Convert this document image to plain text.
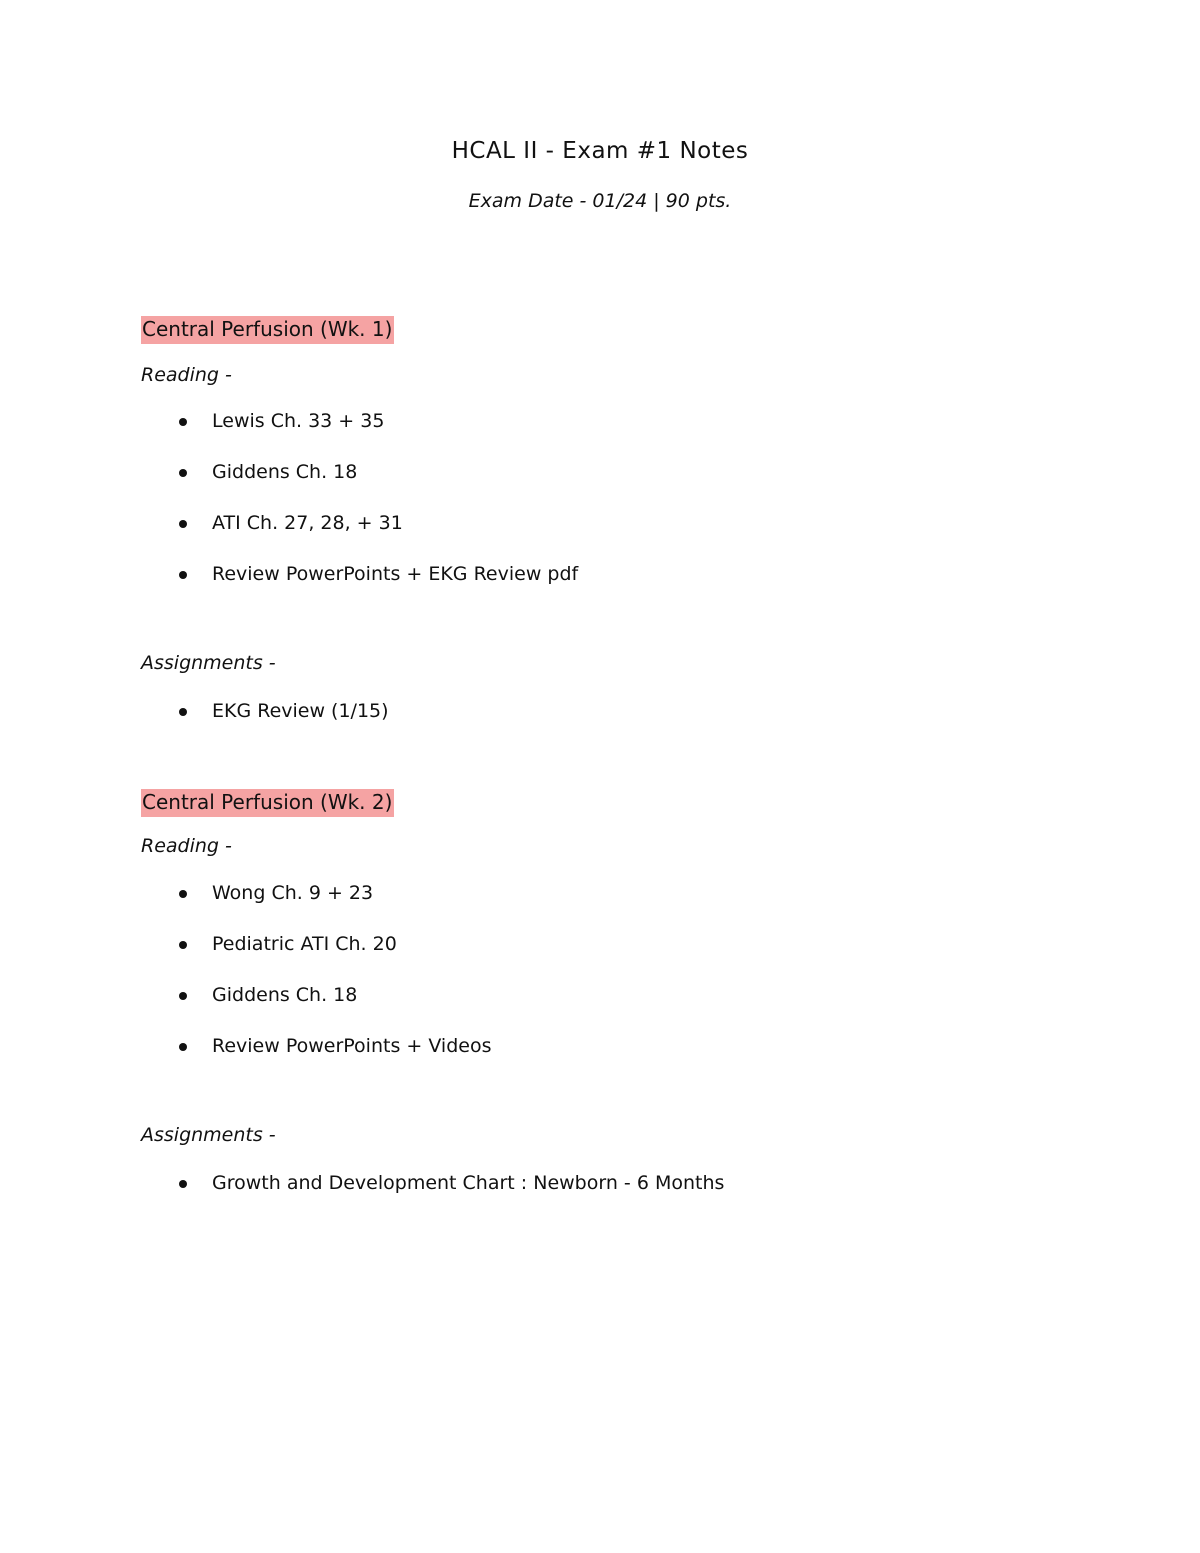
HCAL II - Exam #1 Notes

Exam Date - 01/24 | 90 pts.

Central Perfusion (Wk. 1)

Reading -

Lewis Ch. 33 + 35
Giddens Ch. 18
ATI Ch. 27, 28, + 31
Review PowerPoints + EKG Review pdf

Assignments -

EKG Review (1/15)
Central Perfusion (Wk. 2)

Reading -

Wong Ch. 9 + 23
Pediatric ATI Ch. 20
Giddens Ch. 18
Review PowerPoints + Videos

Assignments -

Growth and Development Chart : Newborn - 6 Months
